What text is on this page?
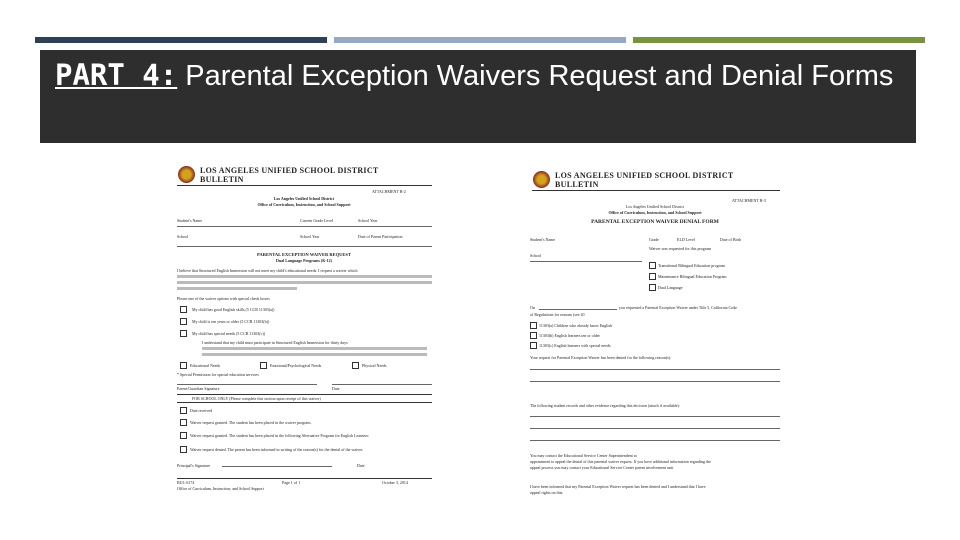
PART 4: Parental Exception Waivers Request and Denial Forms
LOS ANGELES UNIFIED SCHOOL DISTRICT
BULLETIN
ATTACHMENT B-2
Los Angeles Unified School District
Office of Curriculum, Instruction, and School Support
Student's Name	Current Grade Level	School Year
School	School Year	Date of Parent Participation
PARENTAL EXCEPTION WAIVER REQUEST
Dual Language Programs (K-12)
I believe that Structured English Immersion will not meet my child's educational needs. I request a waiver which
Please one of the waiver options with special check boxes
My child has good English skills (5 CCR 11303(a))
My child is ten years or older (5 CCR 11303(b))
My child has special needs (5 CCR 11303(c))
I understand that my child must participate in Structured English Immersion for thirty days
Educational Needs	Emotional/Psychological Needs	Physical Needs
* Special Permission for special education services
Parent/Guardian Signature	Date
FOR SCHOOL ONLY (Please complete this section upon receipt of this waiver)
Date received
Waiver request granted. The student has been placed in the waiver program.
Waiver request granted. The student has been placed in the following Alternative Program for English Learners:
Waiver request denied. The parent has been informed in writing of the reason(s) for the denial of the waiver.
Principal's Signature	Date
BUL-6174	Page 1 of 1	October 3, 2014
Office of Curriculum, Instruction, and School Support
LOS ANGELES UNIFIED SCHOOL DISTRICT
BULLETIN
ATTACHMENT B-3
Los Angeles Unified School District
Office of Curriculum, Instruction, and School Support
PARENTAL EXCEPTION WAIVER DENIAL FORM
Student's Name	Grade	ELD Level	Date of Birth
Waiver was requested for this program
School
Transitional Bilingual Education program
Maintenance Bilingual Education Program
Dual Language
On	you requested a Parental Exception Waiver under Title 5, California Code
of Regulations for reasons (see 20
11303(a) Children who already know English
11303(b) English learners ten or older
11303(c) English learners with special needs
Your request for Parental Exception Waiver has been denied for the following reason(s):
The following student records and other evidence regarding this decision (attach if available):
You may contact the Educational Service Center Superintendent at
appointment to appeal the denial of this parental waiver request. If you have additional information regarding the
appeal process you may contact your Educational Service Center parent involvement unit
I have been informed that my Parental Exception Waiver request has been denied and I understand that I have
appeal rights on this.
